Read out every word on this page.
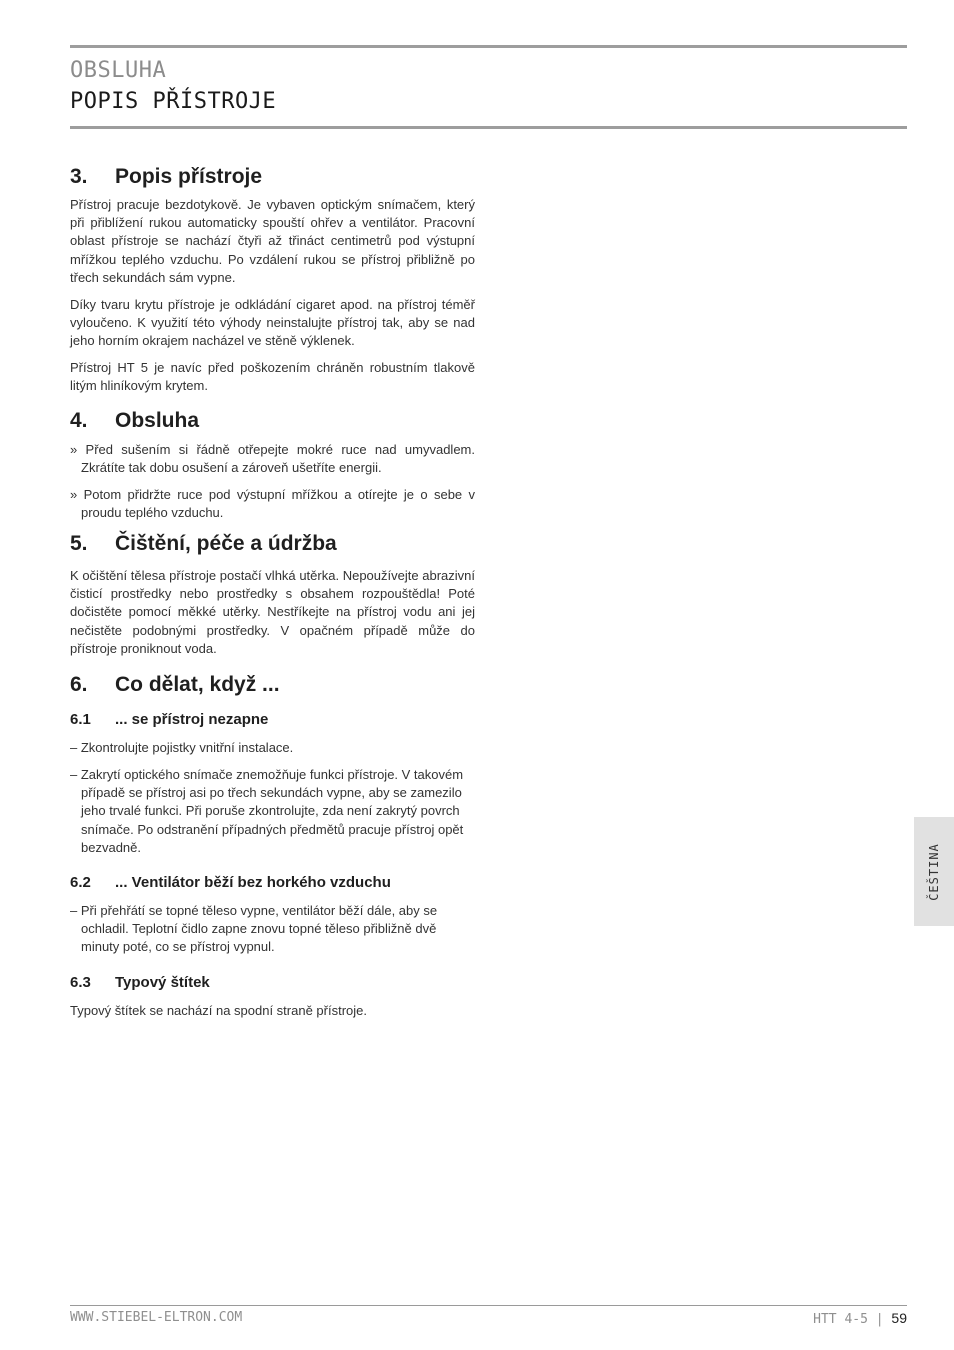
OBSLUHA
POPIS PŘÍSTROJE
3. Popis přístroje
Přístroj pracuje bezdotykově. Je vybaven optickým snímačem, který při přiblížení rukou automaticky spouští ohřev a ventilátor. Pracovní oblast přístroje se nachází čtyři až třináct centimetrů pod výstupní mřížkou teplého vzduchu. Po vzdálení rukou se přístroj přibližně po třech sekundách sám vypne.
Díky tvaru krytu přístroje je odkládání cigaret apod. na přístroj téměř vyloučeno. K využití této výhody neinstalujte přístroj tak, aby se nad jeho horním okrajem nacházel ve stěně výklenek.
Přístroj HT 5 je navíc před poškozením chráněn robustním tlakově litým hliníkovým krytem.
4. Obsluha
» Před sušením si řádně otřepejte mokré ruce nad umyvadlem. Zkrátíte tak dobu osušení a zároveň ušetříte energii.
» Potom přidržte ruce pod výstupní mřížkou a otírejte je o sebe v proudu teplého vzduchu.
5. Čištění, péče a údržba
K očištění tělesa přístroje postačí vlhká utěrka. Nepoužívejte abrazivní čisticí prostředky nebo prostředky s obsahem rozpouštědla! Poté dočistěte pomocí měkké utěrky. Nestříkejte na přístroj vodu ani jej nečistěte podobnými prostředky. V opačném případě může do přístroje proniknout voda.
6. Co dělat, když ...
6.1 ... se přístroj nezapne
– Zkontrolujte pojistky vnitřní instalace.
– Zakrytí optického snímače znemožňuje funkci přístroje. V takovém případě se přístroj asi po třech sekundách vypne, aby se zamezilo jeho trvalé funkci. Při poruše zkontrolujte, zda není zakrytý povrch snímače. Po odstranění případných předmětů pracuje přístroj opět bezvadně.
6.2 ... Ventilátor běží bez horkého vzduchu
– Při přehřátí se topné těleso vypne, ventilátor běží dále, aby se ochladil. Teplotní čidlo zapne znovu topné těleso přibližně dvě minuty poté, co se přístroj vypnul.
6.3 Typový štítek
Typový štítek se nachází na spodní straně přístroje.
ČEŠTINA
WWW.STIEBEL-ELTRON.COM	HTT 4-5 | 59
